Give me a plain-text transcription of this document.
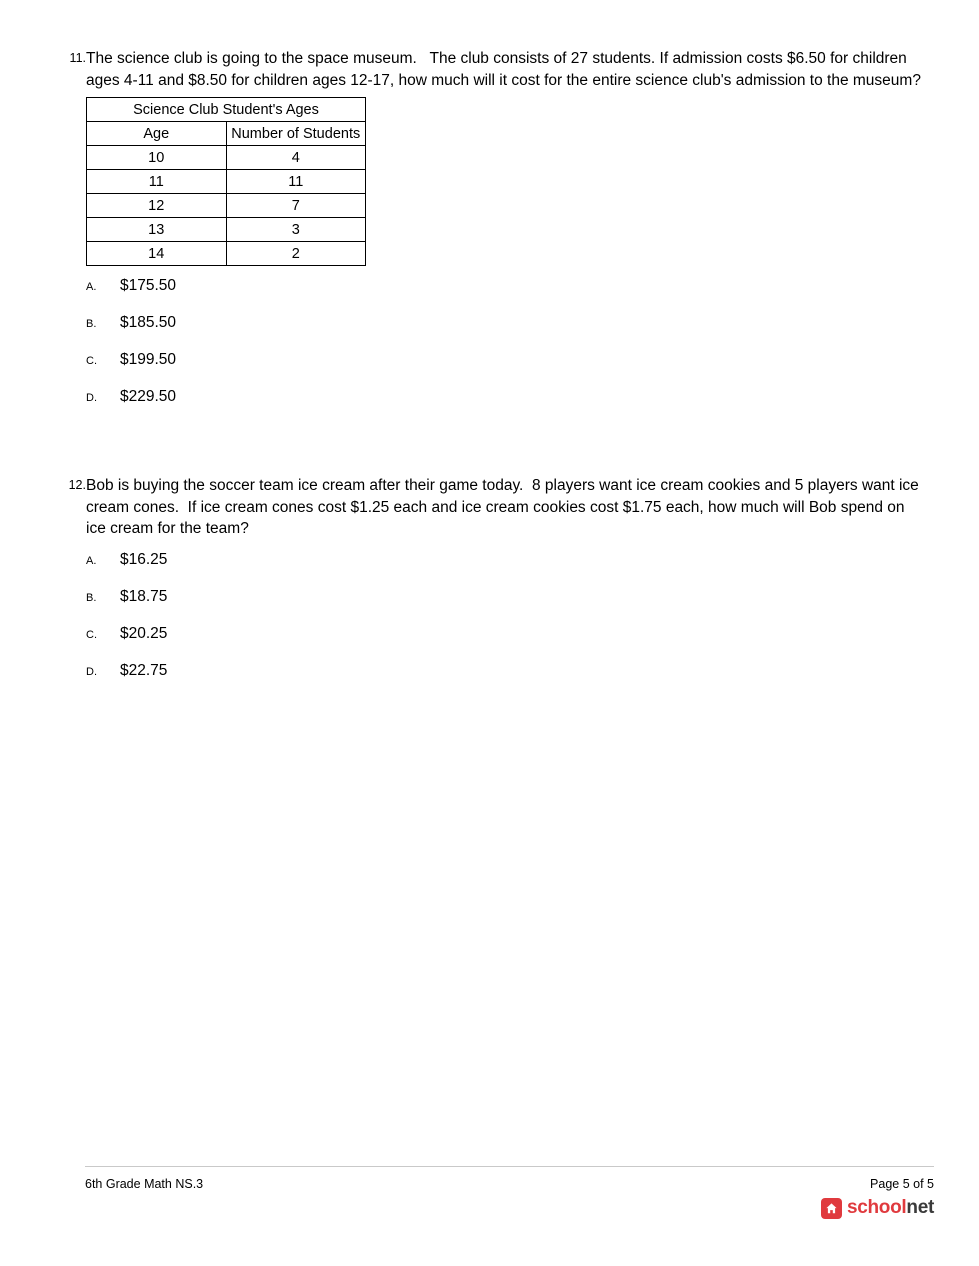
11. The science club is going to the space museum.   The club consists of 27 students. If admission costs $6.50 for children ages 4-11 and $8.50 for children ages 12-17, how much will it cost for the entire science club's admission to the museum?

Science Club Student's Ages	
Age	Number of Students
10	4
11	11
12	7
13	3
14	2
A. $175.50
B. $185.50
C. $199.50
D. $229.50
12. Bob is buying the soccer team ice cream after their game today.  8 players want ice cream cookies and 5 players want ice cream cones.  If ice cream cones cost $1.25 each and ice cream cookies cost $1.75 each, how much will Bob spend on ice cream for the team?

A. $16.25
B. $18.75
C. $20.25
D. $22.75
6th Grade Math NS.3	Page 5 of 5
schoolnet
